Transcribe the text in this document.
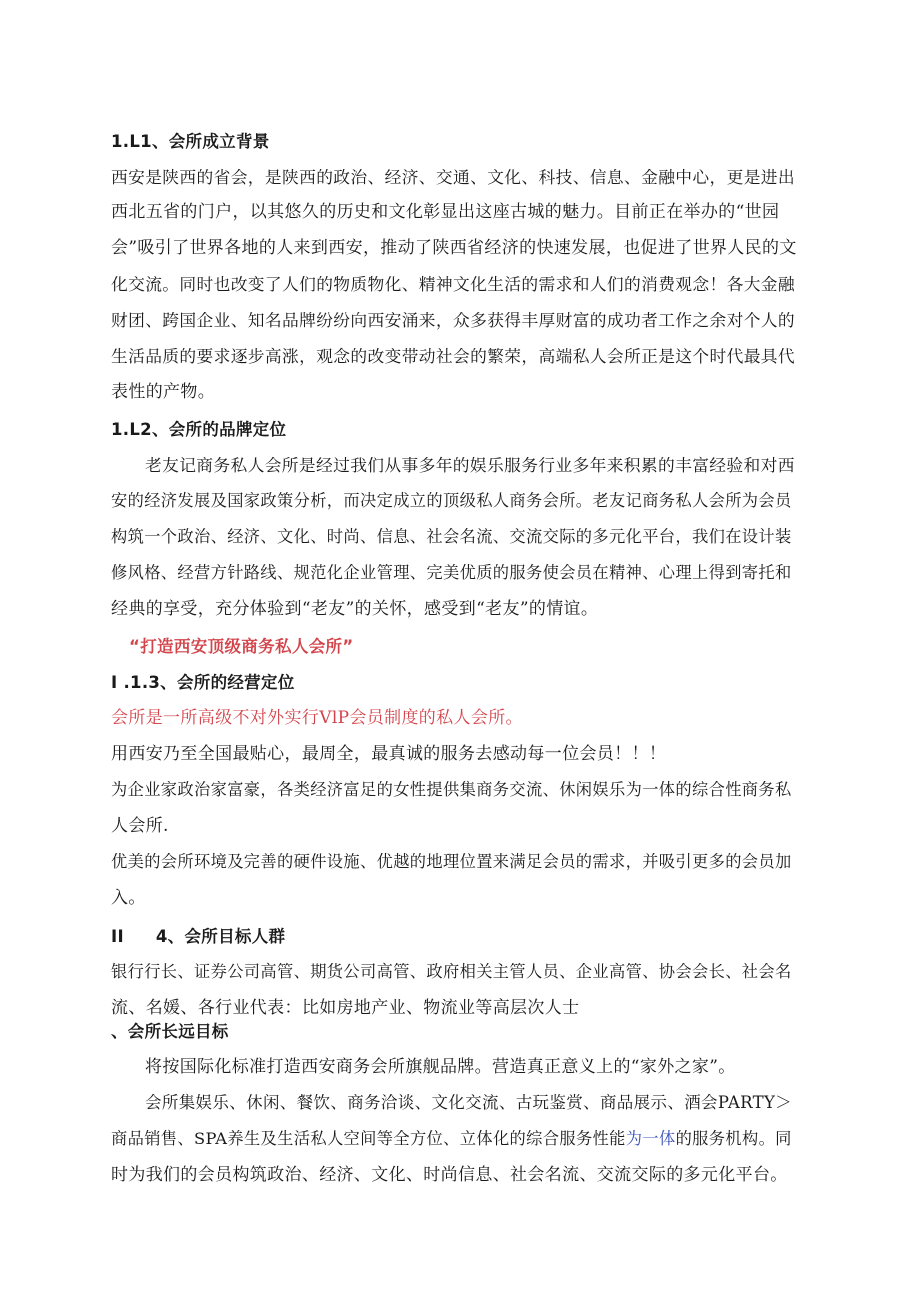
1.L1、会所成立背景
西安是陕西的省会，是陕西的政治、经济、交通、文化、科技、信息、金融中心，更是进出
西北五省的门户，以其悠久的历史和文化彰显出这座古城的魅力。目前正在举办的“世园
会”吸引了世界各地的人来到西安，推动了陕西省经济的快速发展，也促进了世界人民的文
化交流。同时也改变了人们的物质物化、精神文化生活的需求和人们的消费观念！各大金融
财团、跨国企业、知名品牌纷纷向西安涌来，众多获得丰厚财富的成功者工作之余对个人的
生活品质的要求逐步高涨，观念的改变带动社会的繁荣，高端私人会所正是这个时代最具代
表性的产物。
1.L2、会所的品牌定位
老友记商务私人会所是经过我们从事多年的娱乐服务行业多年来积累的丰富经验和对西
安的经济发展及国家政策分析，而决定成立的顶级私人商务会所。老友记商务私人会所为会员
构筑一个政治、经济、文化、时尚、信息、社会名流、交流交际的多元化平台，我们在设计装
修风格、经营方针路线、规范化企业管理、完美优质的服务使会员在精神、心理上得到寄托和
经典的享受，充分体验到“老友”的关怀，感受到“老友”的情谊。
“打造西安顶级商务私人会所”
I .1.3、会所的经营定位
会所是一所高级不对外实行VlP会员制度的私人会所。
用西安乃至全国最贴心，最周全，最真诚的服务去感动每一位会员！！！
为企业家政治家富豪，各类经济富足的女性提供集商务交流、休闲娱乐为一体的综合性商务私
人会所.
优美的会所环境及完善的硬件设施、优越的地理位置来满足会员的需求，并吸引更多的会员加
入。
II 4、会所目标人群
银行行长、证券公司高管、期货公司高管、政府相关主管人员、企业高管、协会会长、社会名
流、名媛、各行业代表：比如房地产业、物流业等高层次人士
、会所长远目标
将按国际化标准打造西安商务会所旗舰品牌。营造真正意义上的“家外之家”。
会所集娱乐、休闲、餐饮、商务洽谈、文化交流、古玩鉴赏、商品展示、酒会PARTY＞
商品销售、SPA养生及生活私人空间等全方位、立体化的综合服务性能为一体的服务机构。同
时为我们的会员构筑政治、经济、文化、时尚信息、社会名流、交流交际的多元化平台。
